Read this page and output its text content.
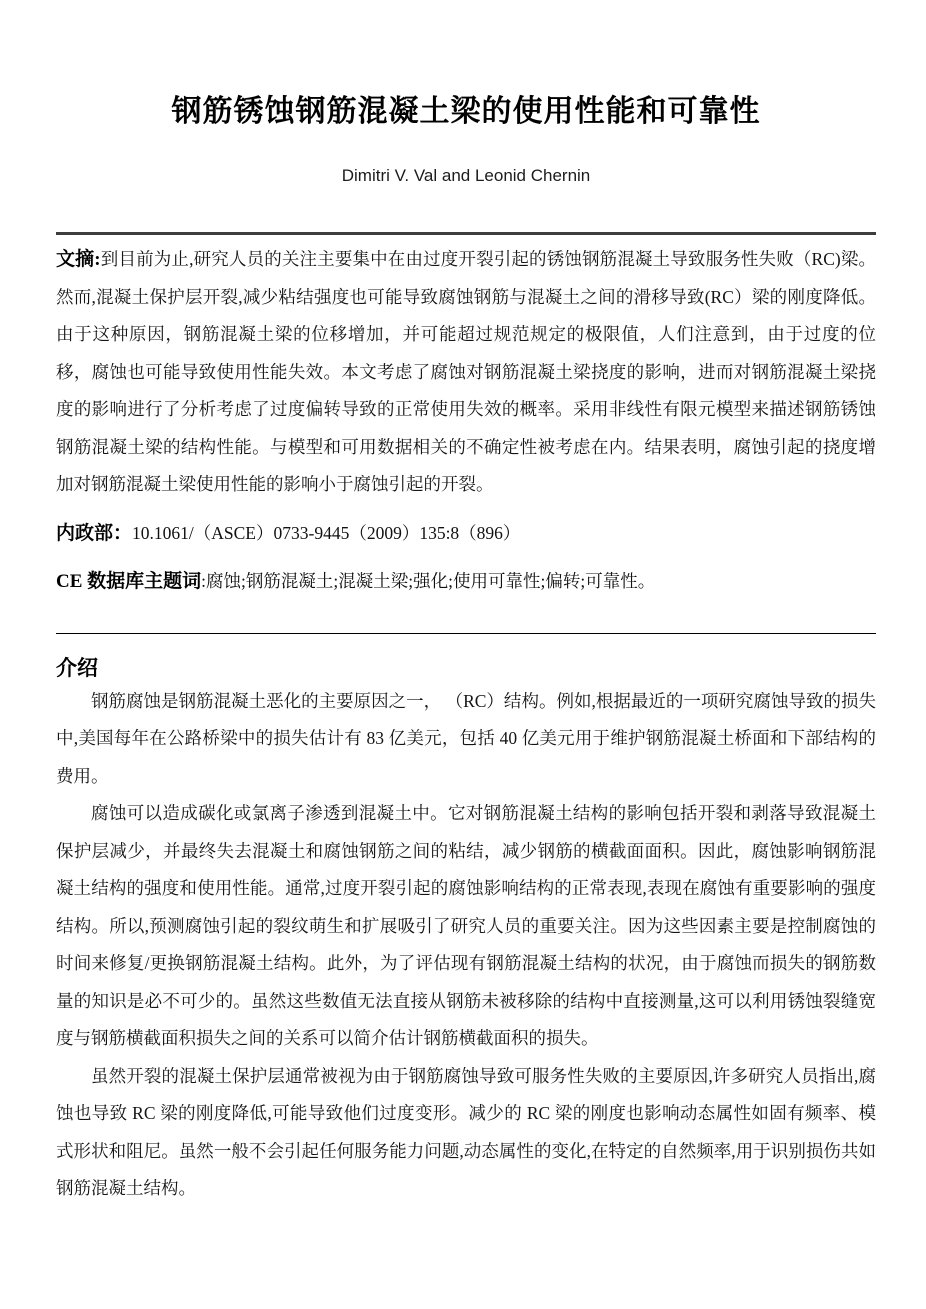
钢筋锈蚀钢筋混凝土梁的使用性能和可靠性
Dimitri V. Val and Leonid Chernin

文摘:到目前为止,研究人员的关注主要集中在由过度开裂引起的锈蚀钢筋混凝土导致服务性失败（RC)梁。然而,混凝土保护层开裂,减少粘结强度也可能导致腐蚀钢筋与混凝土之间的滑移导致(RC）梁的刚度降低。由于这种原因，钢筋混凝土梁的位移增加，并可能超过规范规定的极限值，人们注意到，由于过度的位移，腐蚀也可能导致使用性能失效。本文考虑了腐蚀对钢筋混凝土梁挠度的影响，进而对钢筋混凝土梁挠度的影响进行了分析考虑了过度偏转导致的正常使用失效的概率。采用非线性有限元模型来描述钢筋锈蚀钢筋混凝土梁的结构性能。与模型和可用数据相关的不确定性被考虑在内。结果表明，腐蚀引起的挠度增加对钢筋混凝土梁使用性能的影响小于腐蚀引起的开裂。

内政部：10.1061/（ASCE）0733-9445（2009）135:8（896）

CE 数据库主题词:腐蚀;钢筋混凝土;混凝土梁;强化;使用可靠性;偏转;可靠性。

介绍

钢筋腐蚀是钢筋混凝土恶化的主要原因之一， （RC）结构。例如,根据最近的一项研究腐蚀导致的损失中,美国每年在公路桥梁中的损失估计有 83 亿美元，包括 40 亿美元用于维护钢筋混凝土桥面和下部结构的费用。

腐蚀可以造成碳化或氯离子渗透到混凝土中。它对钢筋混凝土结构的影响包括开裂和剥落导致混凝土保护层减少，并最终失去混凝土和腐蚀钢筋之间的粘结，减少钢筋的横截面面积。因此，腐蚀影响钢筋混凝土结构的强度和使用性能。通常,过度开裂引起的腐蚀影响结构的正常表现,表现在腐蚀有重要影响的强度结构。所以,预测腐蚀引起的裂纹萌生和扩展吸引了研究人员的重要关注。因为这些因素主要是控制腐蚀的时间来修复/更换钢筋混凝土结构。此外，为了评估现有钢筋混凝土结构的状况，由于腐蚀而损失的钢筋数量的知识是必不可少的。虽然这些数值无法直接从钢筋未被移除的结构中直接测量,这可以利用锈蚀裂缝宽度与钢筋横截面积损失之间的关系可以简介估计钢筋横截面积的损失。

虽然开裂的混凝土保护层通常被视为由于钢筋腐蚀导致可服务性失败的主要原因,许多研究人员指出,腐蚀也导致 RC 梁的刚度降低,可能导致他们过度变形。减少的 RC 梁的刚度也影响动态属性如固有频率、模式形状和阻尼。虽然一般不会引起任何服务能力问题,动态属性的变化,在特定的自然频率,用于识别损伤共如钢筋混凝土结构。
